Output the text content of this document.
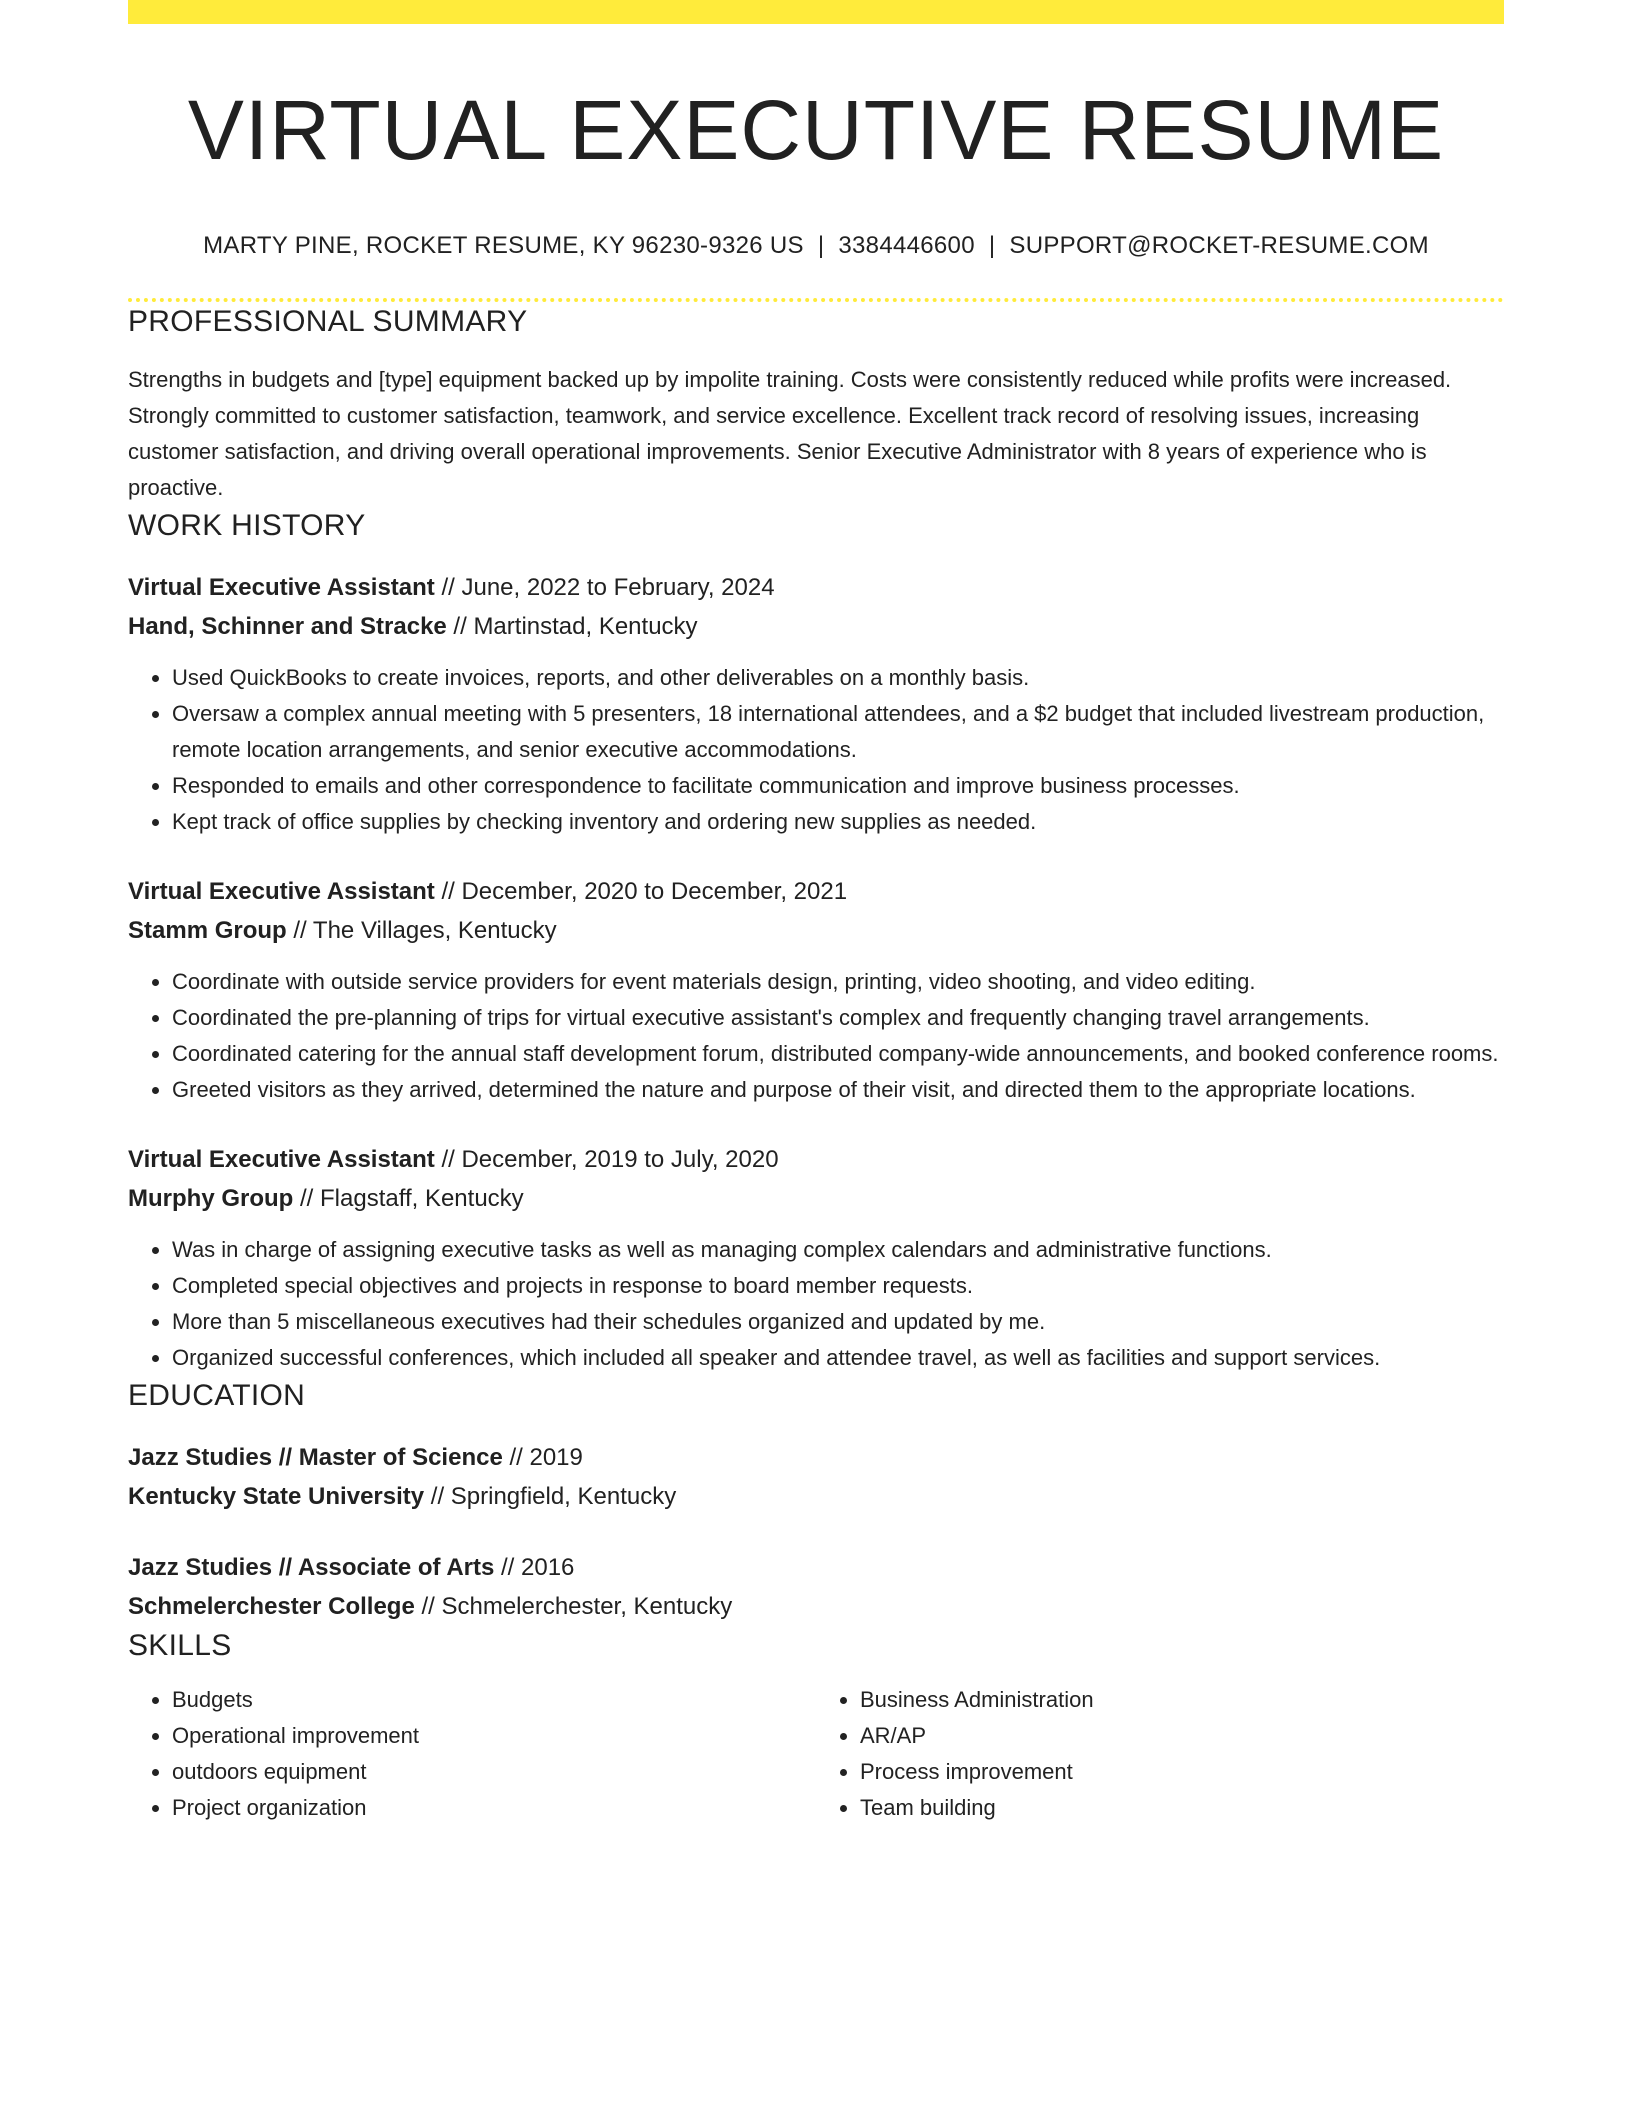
VIRTUAL EXECUTIVE RESUME
MARTY PINE, ROCKET RESUME, KY 96230-9326 US | 3384446600 | SUPPORT@ROCKET-RESUME.COM
PROFESSIONAL SUMMARY
Strengths in budgets and [type] equipment backed up by impolite training. Costs were consistently reduced while profits were increased. Strongly committed to customer satisfaction, teamwork, and service excellence. Excellent track record of resolving issues, increasing customer satisfaction, and driving overall operational improvements. Senior Executive Administrator with 8 years of experience who is proactive.
WORK HISTORY
Virtual Executive Assistant // June, 2022 to February, 2024
Hand, Schinner and Stracke // Martinstad, Kentucky
• Used QuickBooks to create invoices, reports, and other deliverables on a monthly basis.
• Oversaw a complex annual meeting with 5 presenters, 18 international attendees, and a $2 budget that included livestream production, remote location arrangements, and senior executive accommodations.
• Responded to emails and other correspondence to facilitate communication and improve business processes.
• Kept track of office supplies by checking inventory and ordering new supplies as needed.
Virtual Executive Assistant // December, 2020 to December, 2021
Stamm Group // The Villages, Kentucky
• Coordinate with outside service providers for event materials design, printing, video shooting, and video editing.
• Coordinated the pre-planning of trips for virtual executive assistant's complex and frequently changing travel arrangements.
• Coordinated catering for the annual staff development forum, distributed company-wide announcements, and booked conference rooms.
• Greeted visitors as they arrived, determined the nature and purpose of their visit, and directed them to the appropriate locations.
Virtual Executive Assistant // December, 2019 to July, 2020
Murphy Group // Flagstaff, Kentucky
• Was in charge of assigning executive tasks as well as managing complex calendars and administrative functions.
• Completed special objectives and projects in response to board member requests.
• More than 5 miscellaneous executives had their schedules organized and updated by me.
• Organized successful conferences, which included all speaker and attendee travel, as well as facilities and support services.
EDUCATION
Jazz Studies // Master of Science // 2019
Kentucky State University // Springfield, Kentucky
Jazz Studies // Associate of Arts // 2016
Schmelerchester College // Schmelerchester, Kentucky
SKILLS
• Budgets
• Operational improvement
• outdoors equipment
• Project organization
• Business Administration
• AR/AP
• Process improvement
• Team building
